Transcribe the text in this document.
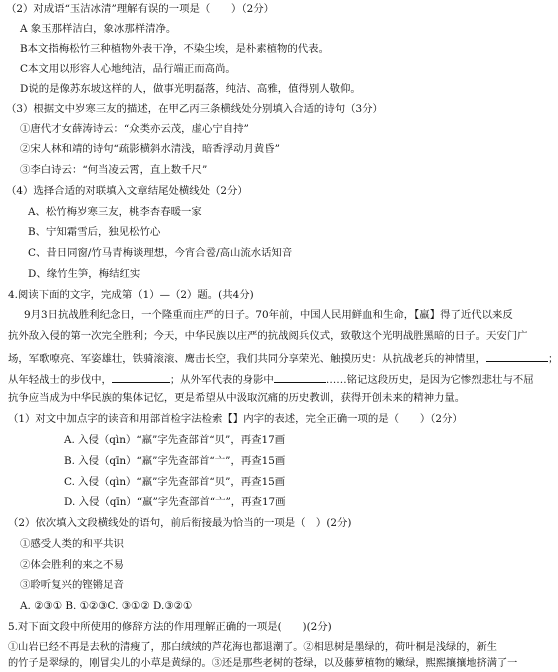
（2）对成语“玉洁冰清”理解有误的一项是（　　）（2分）
A 象玉那样洁白，象冰那样清净。
B本文指梅松竹三种植物外表干净，不染尘埃，是朴素植物的代表。
C本文用以形容人心地纯洁，品行端正而高尚。
D说的是像苏东坡这样的人，做事光明磊落，纯洁、高雅，值得别人敬仰。
（3）根据文中岁寒三友的描述，在甲乙丙三条横线处分别填入合适的诗句（3分）
①唐代才女薛涛诗云：“众类亦云茂，虚心宁自持”
②宋人林和靖的诗句“疏影横斜水清浅，暗香浮动月黄昏”
③李白诗云：“何当凌云霄，直上数千尺”
（4）选择合适的对联填入文章结尾处横线处（2分）
A、松竹梅岁寒三友，桃李杏春暖一家
B、宁知霜雪后，独见松竹心
C、昔日同窗/竹马青梅谈理想，今宵合卺/高山流水话知音
D、缘竹生笋，梅结红实
4.阅读下面的文字，完成第（1）—（2）题。(共4分)
9月3日抗战胜利纪念日，一个隆重而庄严的日子。70年前，中国人民用鲜血和生命，【羸】得了近代以来反
抗外敌入侵的第一次完全胜利；今天，中华民族以庄严的抗战阅兵仪式，致敬这个光明战胜黑暗的日子。天安门广
场，军歌嘹亮、军姿雄壮，铁骑滚滚、鹰击长空，我们共同分享荣光、触摸历史：从抗战老兵的神情里，	；
从年轻战士的步伐中，	；从外军代表的身影中	……铭记这段历史，是因为它惨烈悲壮与不屈
抗争应当成为中华民族的集体记忆，更是希望从中汲取沉痛的历史教训，获得开创未来的精神力量。
（1）对文中加点字的读音和用部首检字法检索【】内字的表述，完全正确一项的是（　　）（2分）
A. 入侵（qìn）“羸”字先查部首“贝”，再查17画
B. 入侵（qīn）“羸”字先查部首“亠”，再查15画
C. 入侵（qìn）“羸”字先查部首“贝”，再查15画
D. 入侵（qīn）“羸”字先查部首“亠”，再查17画
（2）依次填入文段横线处的语句，前后衔接最为恰当的一项是（　）(2分)
①感受人类的和平共识
②体会胜利的来之不易
③聆听复兴的铿锵足音
A. ②③① B. ①②③C. ③①② D.③②①
5.对下面文段中所使用的修辞方法的作用理解正确的一项是(　　)(2分)
①山岩已经不再是去秋的清瘦了，那白绒绒的芦花海也都退潮了。②相思树是墨绿的，荷叶桐是浅绿的，新生
的竹子是翠绿的，刚冒尖儿的小草是黄绿的。③还是那些老树的苍绿，以及藤萝植物的嫩绿，熙熙攘攘地挤满了一
